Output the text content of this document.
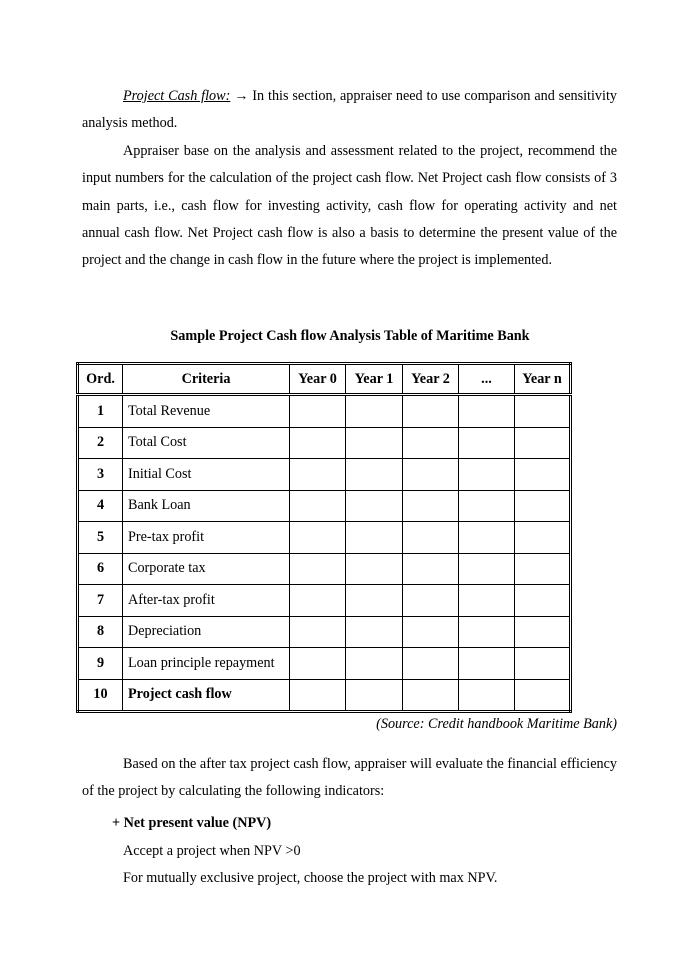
Project Cash flow: → In this section, appraiser need to use comparison and sensitivity analysis method.

Appraiser base on the analysis and assessment related to the project, recommend the input numbers for the calculation of the project cash flow. Net Project cash flow consists of 3 main parts, i.e., cash flow for investing activity, cash flow for operating activity and net annual cash flow. Net Project cash flow is also a basis to determine the present value of the project and the change in cash flow in the future where the project is implemented.

Sample Project Cash flow Analysis Table of Maritime Bank

Ord.	Criteria	Year 0	Year 1	Year 2	...	Year n
1	Total Revenue					
2	Total Cost					
3	Initial Cost					
4	Bank Loan					
5	Pre-tax profit					
6	Corporate tax					
7	After-tax profit					
8	Depreciation					
9	Loan principle repayment					
10	Project cash flow					

(Source: Credit handbook Maritime Bank)

Based on the after tax project cash flow, appraiser will evaluate the financial efficiency of the project by calculating the following indicators:

+ Net present value (NPV)

Accept a project when NPV >0

For mutually exclusive project, choose the project with max NPV.
